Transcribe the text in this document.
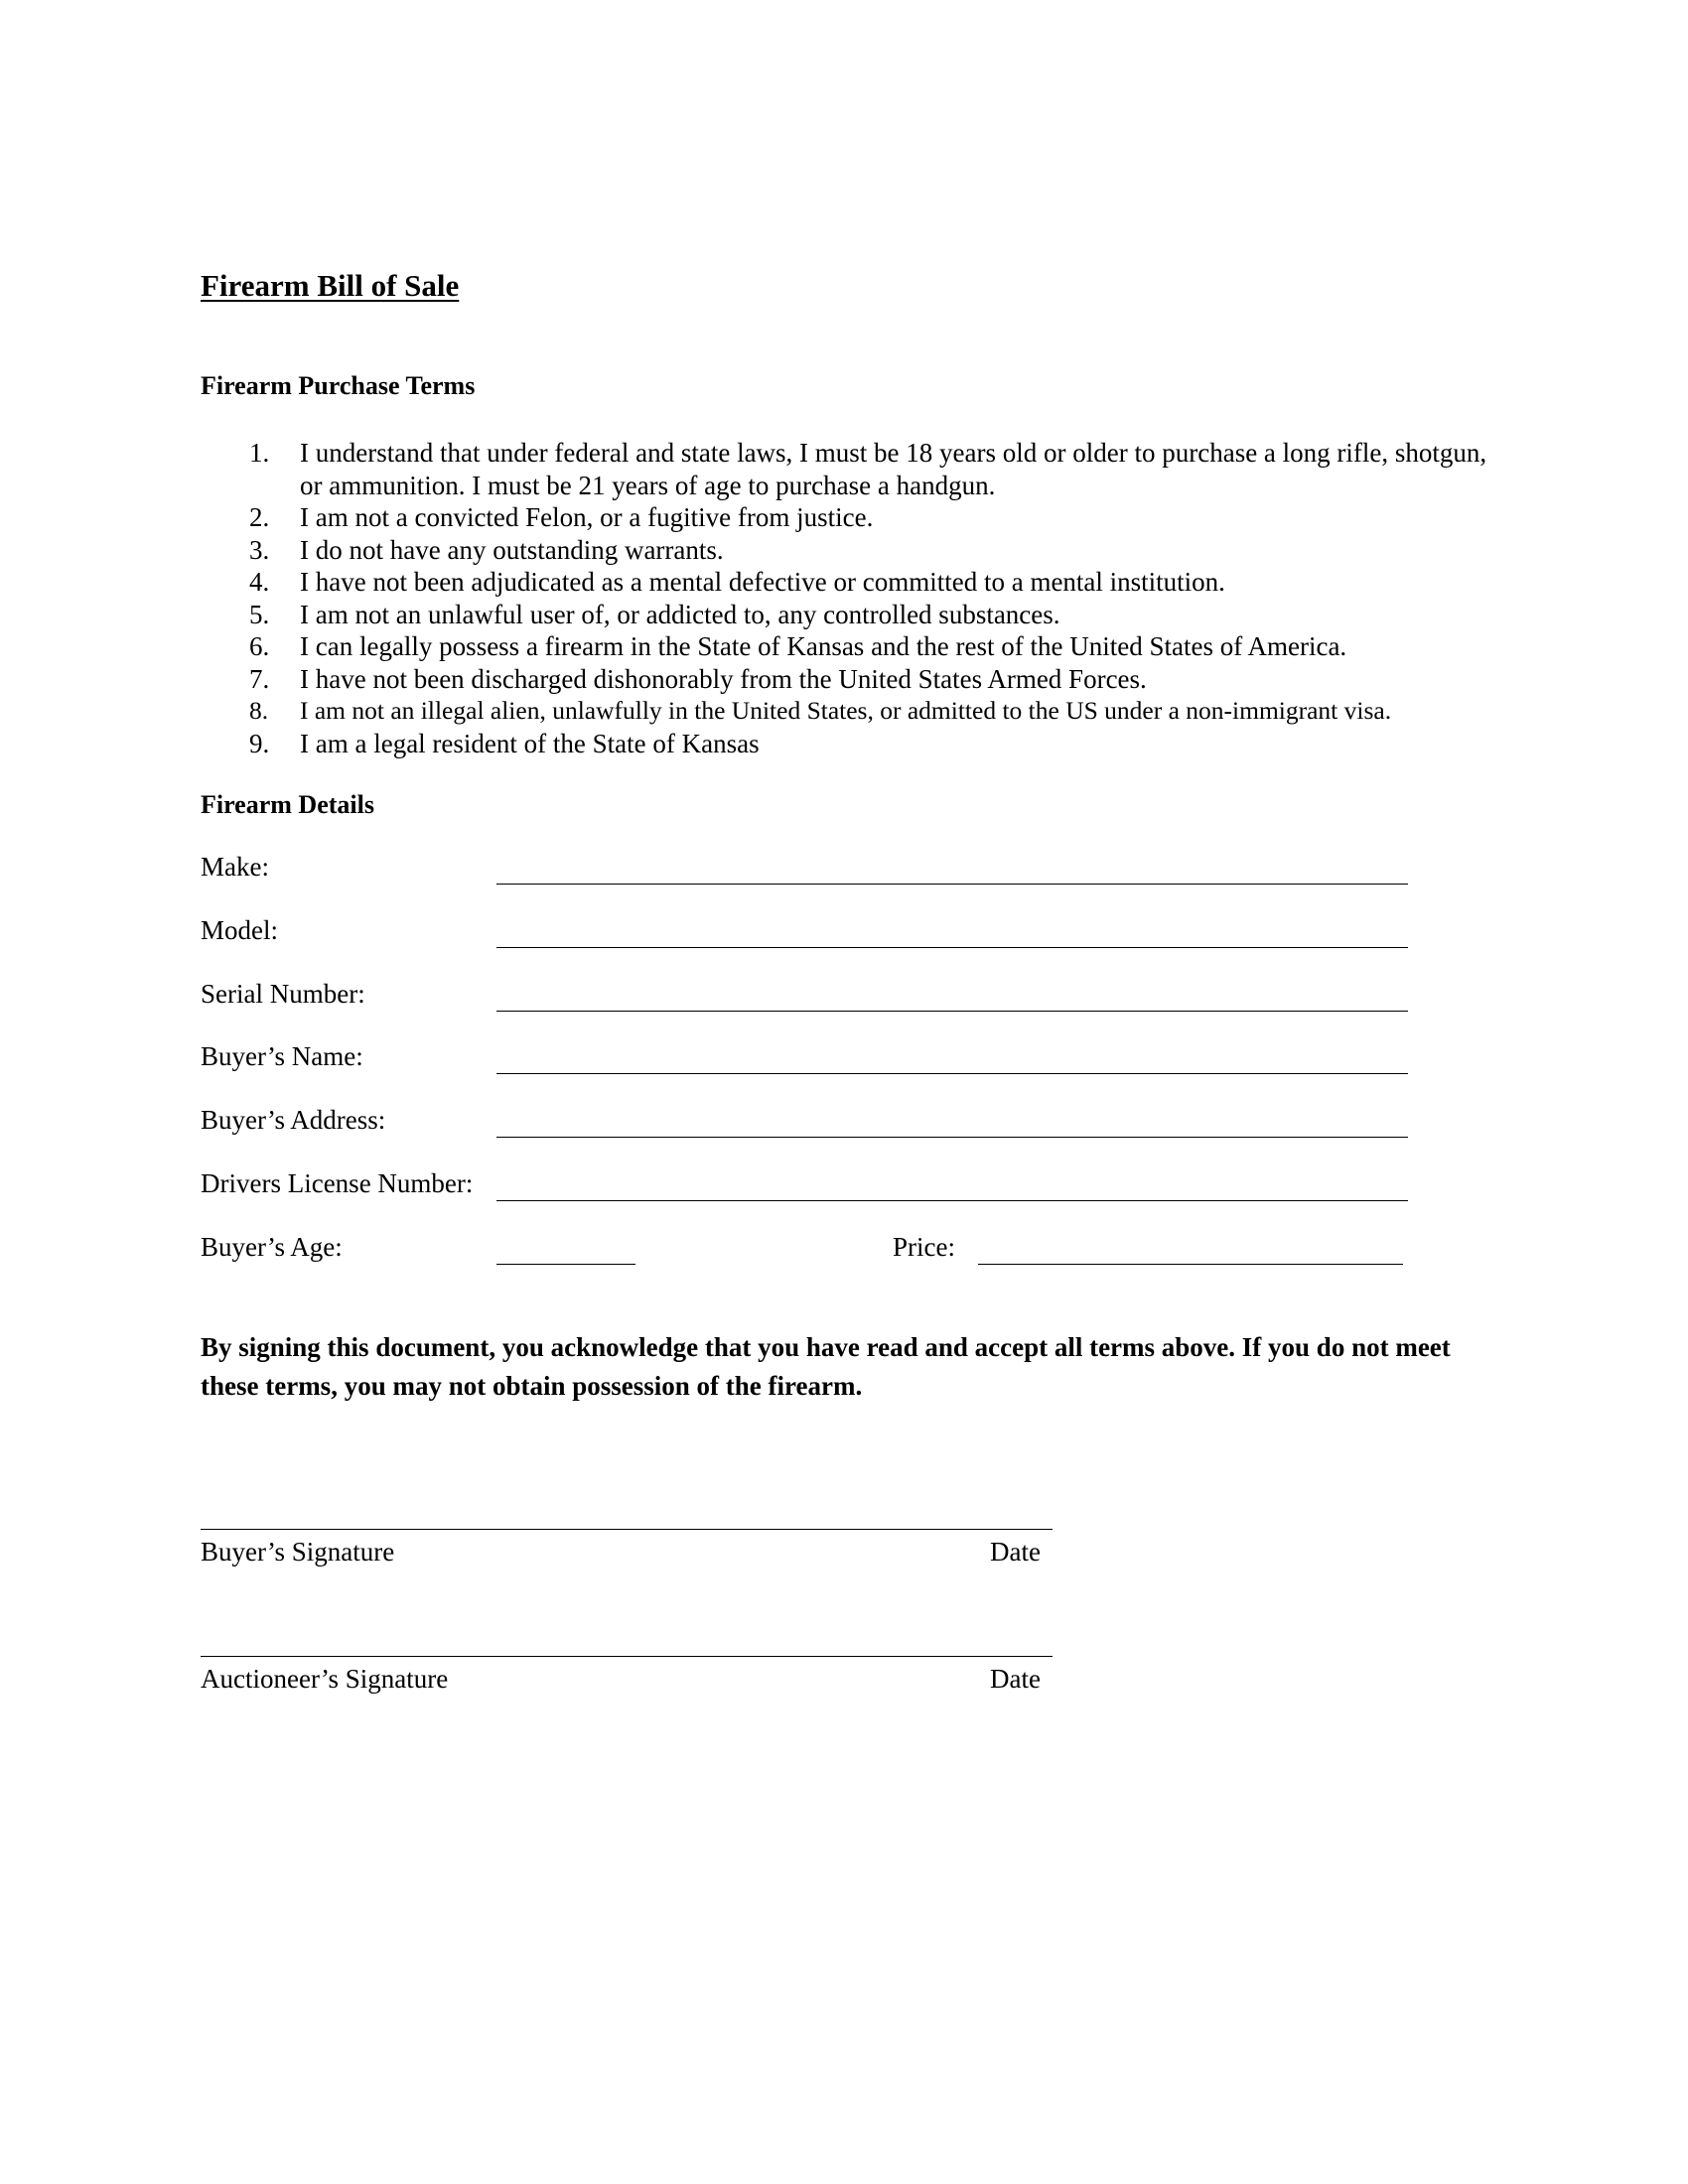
Firearm Bill of Sale
Firearm Purchase Terms
1. I understand that under federal and state laws, I must be 18 years old or older to purchase a long rifle, shotgun, or ammunition. I must be 21 years of age to purchase a handgun.
2. I am not a convicted Felon, or a fugitive from justice.
3. I do not have any outstanding warrants.
4. I have not been adjudicated as a mental defective or committed to a mental institution.
5. I am not an unlawful user of, or addicted to, any controlled substances.
6. I can legally possess a firearm in the State of Kansas and the rest of the United States of America.
7. I have not been discharged dishonorably from the United States Armed Forces.
8. I am not an illegal alien, unlawfully in the United States, or admitted to the US under a non-immigrant visa.
9. I am a legal resident of the State of Kansas
Firearm Details
Make:
Model:
Serial Number:
Buyer’s Name:
Buyer’s Address:
Drivers License Number:
Buyer’s Age:	Price:

By signing this document, you acknowledge that you have read and accept all terms above. If you do not meet these terms, you may not obtain possession of the firearm.

Buyer’s Signature	Date
Auctioneer’s Signature	Date
